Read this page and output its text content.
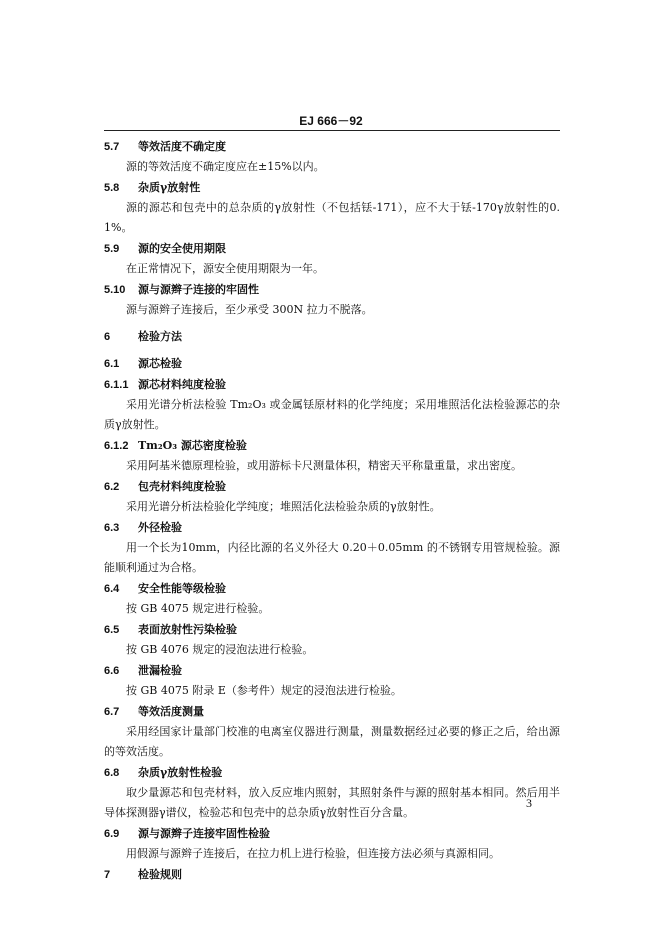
EJ 666－92
5.7	等效活度不确定度

源的等效活度不确定度应在±15%以内。

5.8	杂质γ放射性

源的源芯和包壳中的总杂质的γ放射性（不包括铥-171），应不大于铥-170γ放射性的0.1%。

5.9	源的安全使用期限

在正常情况下，源安全使用期限为一年。

5.10	源与源辫子连接的牢固性

源与源辫子连接后，至少承受 300N 拉力不脱落。

6	检验方法
6.1	源芯检验
6.1.1 源芯材料纯度检验

采用光谱分析法检验 Tm₂O₃ 或金属铥原材料的化学纯度；采用堆照活化法检验源芯的杂质γ放射性。

6.1.2 Tm₂O₃ 源芯密度检验

采用阿基米德原理检验，或用游标卡尺测量体积，精密天平称量重量，求出密度。

6.2	包壳材料纯度检验

采用光谱分析法检验化学纯度；堆照活化法检验杂质的γ放射性。

6.3	外径检验

用一个长为10mm，内径比源的名义外径大 0.20＋0.05mm 的不锈钢专用管规检验。源能顺利通过为合格。

6.4	安全性能等级检验

按 GB 4075 规定进行检验。

6.5	表面放射性污染检验

按 GB 4076 规定的浸泡法进行检验。

6.6	泄漏检验

按 GB 4075 附录 E（参考件）规定的浸泡法进行检验。

6.7	等效活度测量

采用经国家计量部门校准的电离室仪器进行测量，测量数据经过必要的修正之后，给出源的等效活度。

6.8	杂质γ放射性检验

取少量源芯和包壳材料，放入反应堆内照射，其照射条件与源的照射基本相同。然后用半导体探测器γ谱仪，检验芯和包壳中的总杂质γ放射性百分含量。

6.9	源与源辫子连接牢固性检验

用假源与源辫子连接后，在拉力机上进行检验，但连接方法必须与真源相同。

7	检验规则
3
